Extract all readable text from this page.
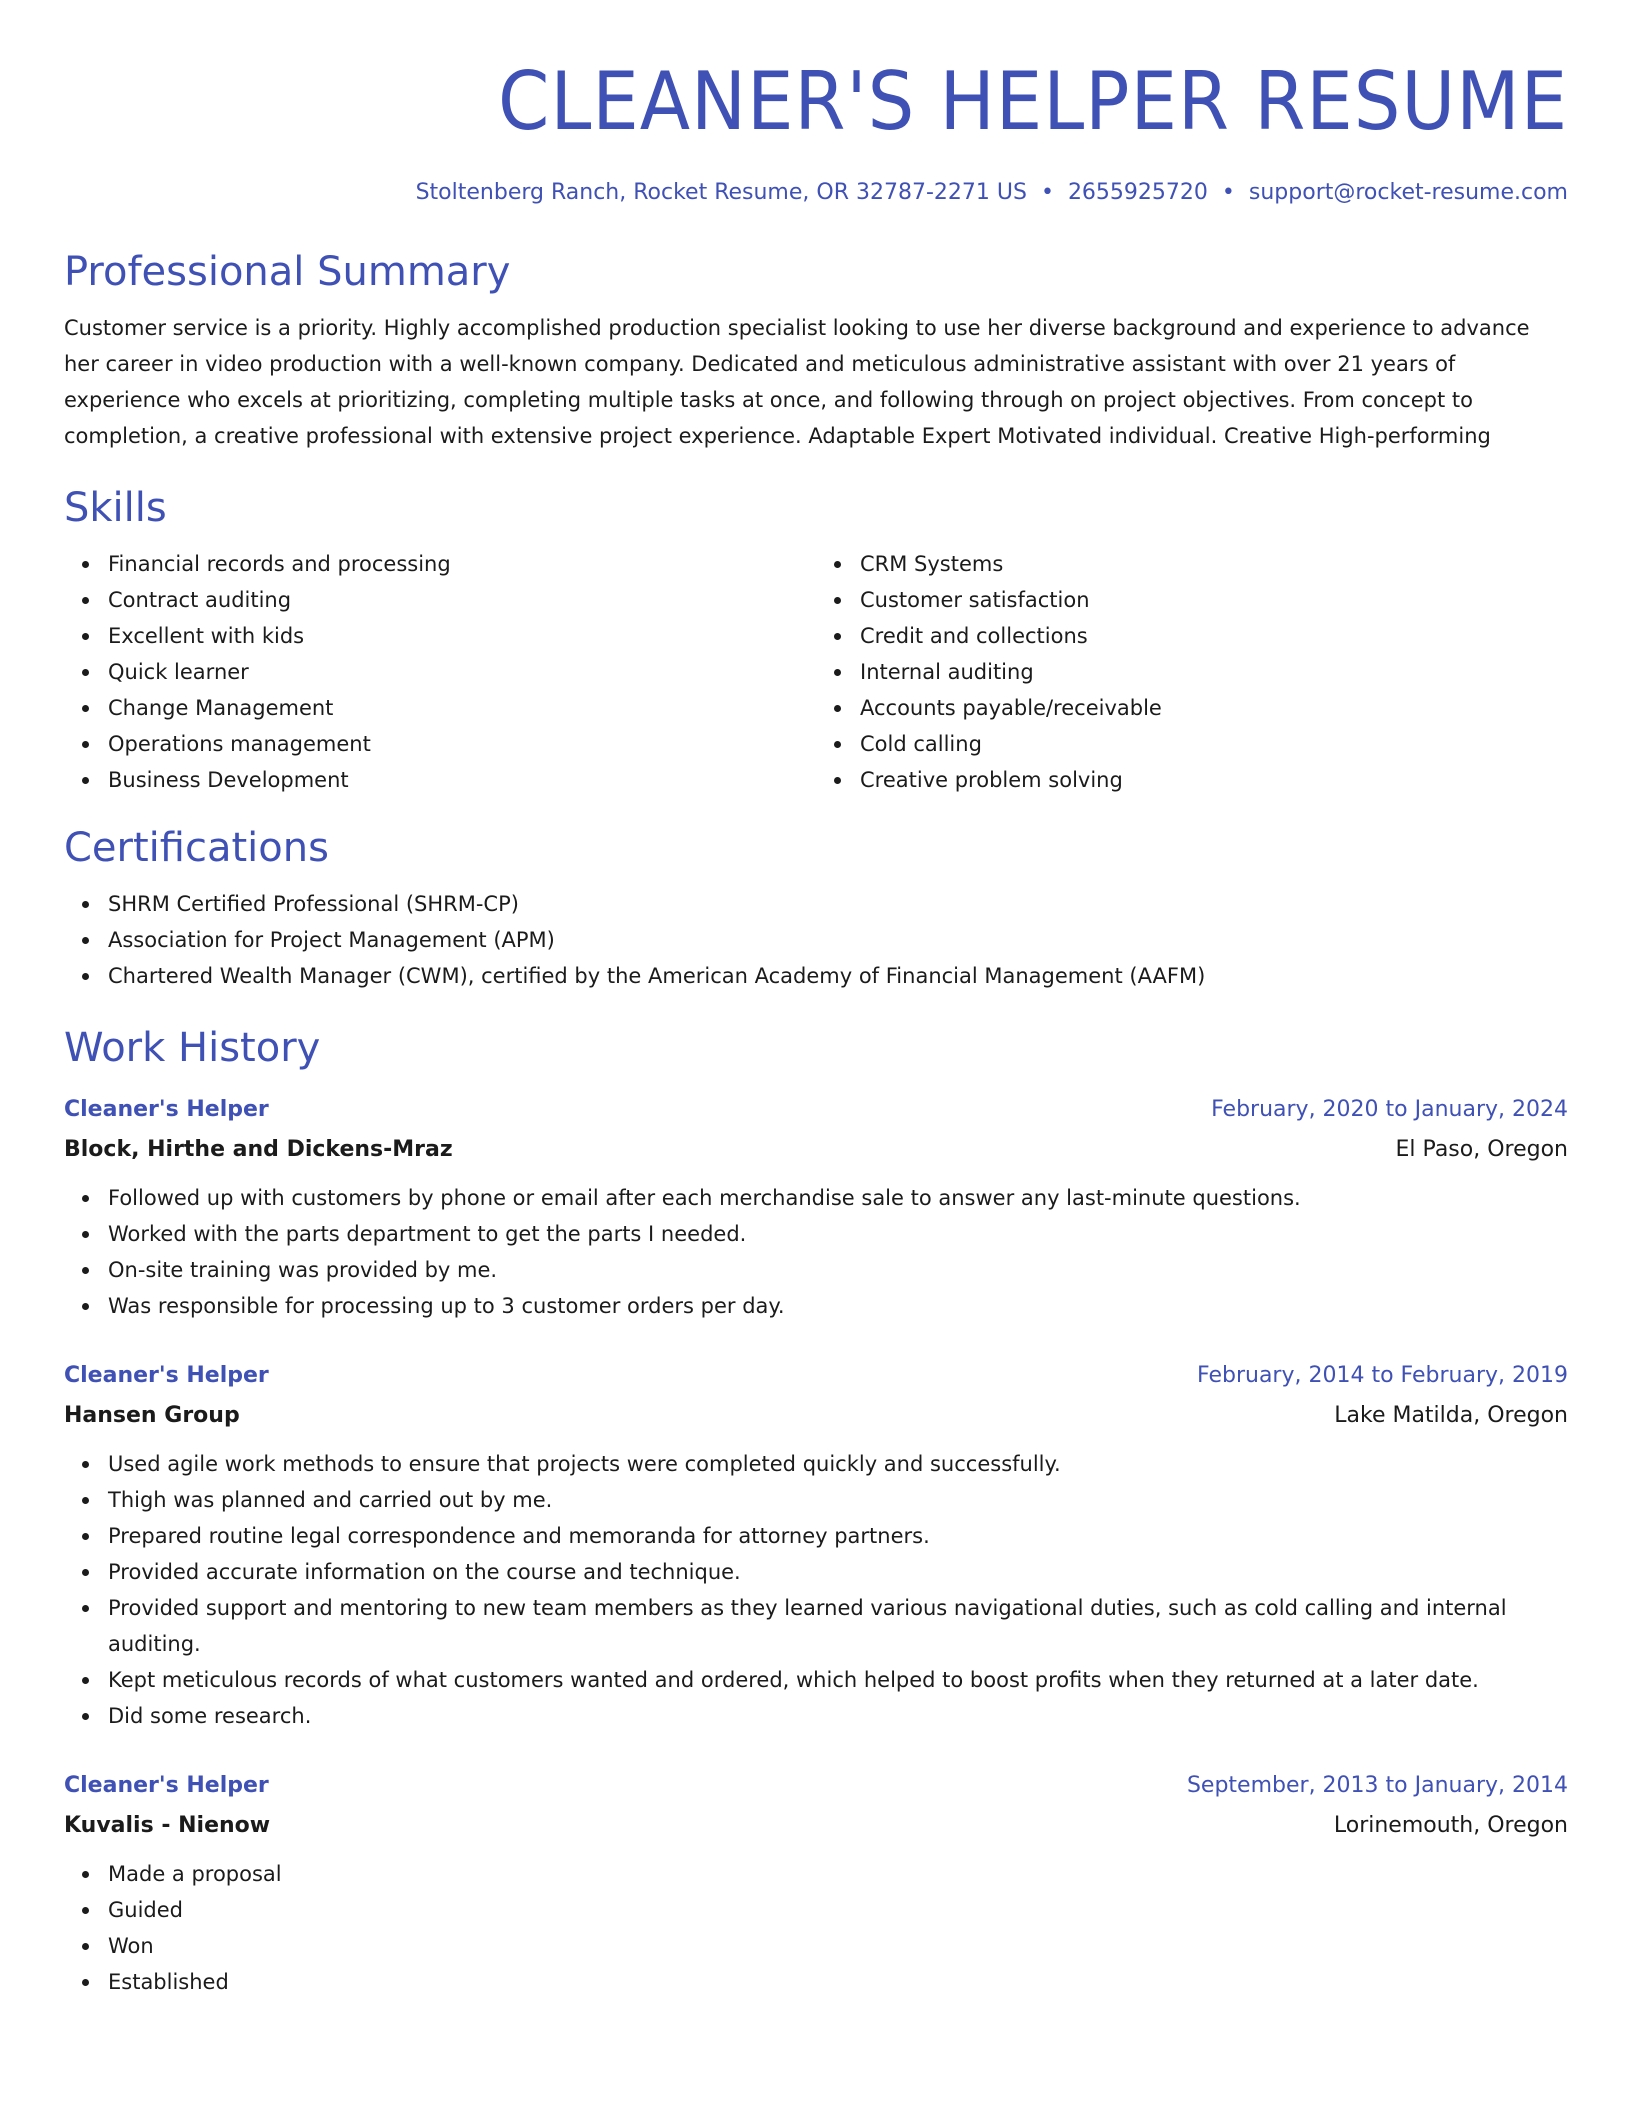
CLEANER'S HELPER RESUME
Stoltenberg Ranch, Rocket Resume, OR 32787-2271 US • 2655925720 • support@rocket-resume.com
Professional Summary
Customer service is a priority. Highly accomplished production specialist looking to use her diverse background and experience to advance her career in video production with a well-known company. Dedicated and meticulous administrative assistant with over 21 years of experience who excels at prioritizing, completing multiple tasks at once, and following through on project objectives. From concept to completion, a creative professional with extensive project experience. Adaptable Expert Motivated individual. Creative High-performing
Skills
Financial records and processing
Contract auditing
Excellent with kids
Quick learner
Change Management
Operations management
Business Development
CRM Systems
Customer satisfaction
Credit and collections
Internal auditing
Accounts payable/receivable
Cold calling
Creative problem solving
Certifications
SHRM Certified Professional (SHRM-CP)
Association for Project Management (APM)
Chartered Wealth Manager (CWM), certified by the American Academy of Financial Management (AAFM)
Work History
Cleaner's Helper	February, 2020 to January, 2024
Block, Hirthe and Dickens-Mraz	El Paso, Oregon
Followed up with customers by phone or email after each merchandise sale to answer any last-minute questions.
Worked with the parts department to get the parts I needed.
On-site training was provided by me.
Was responsible for processing up to 3 customer orders per day.
Cleaner's Helper	February, 2014 to February, 2019
Hansen Group	Lake Matilda, Oregon
Used agile work methods to ensure that projects were completed quickly and successfully.
Thigh was planned and carried out by me.
Prepared routine legal correspondence and memoranda for attorney partners.
Provided accurate information on the course and technique.
Provided support and mentoring to new team members as they learned various navigational duties, such as cold calling and internal auditing.
Kept meticulous records of what customers wanted and ordered, which helped to boost profits when they returned at a later date.
Did some research.
Cleaner's Helper	September, 2013 to January, 2014
Kuvalis - Nienow	Lorinemouth, Oregon
Made a proposal
Guided
Won
Established
